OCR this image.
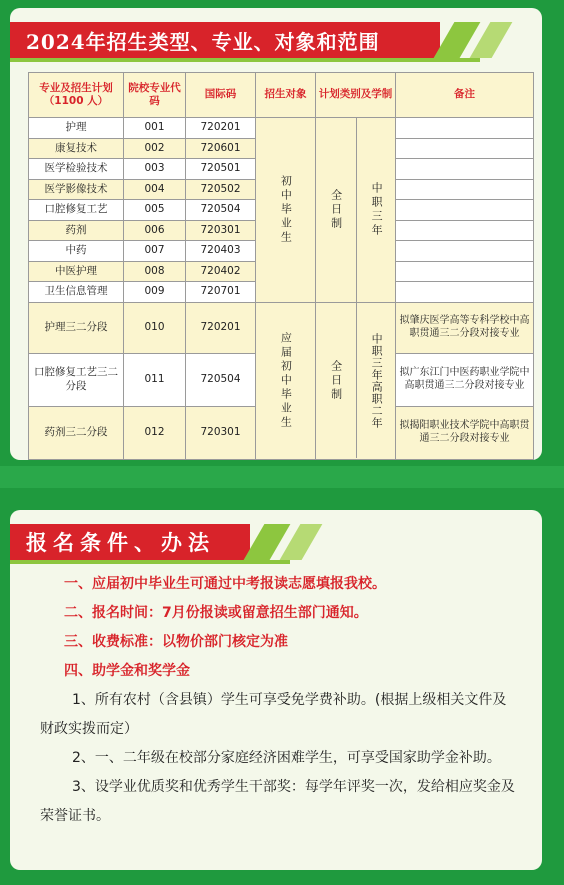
2024年招生类型、专业、对象和范围
专业及招生计划（1100 人）	院校专业代码	国际码	招生对象	计划类别及学制	备注
护理	001	720201	初中毕业生	全日制 中职三年	

康复技术	002	720601			
医学检验技术	003	720501			
医学影像技术	004	720502			
口腔修复工艺	005	720504			
药剂	006	720301			
中药	007	720403			
中医护理	008	720402			
卫生信息管理	009	720701			
护理三二分段	010	720201	应届初中毕业生	全日制 中职三年高职二年	拟肇庆医学高等专科学校中高职贯通三二分段对接专业
口腔修复工艺三二分段	011	720504			拟广东江门中医药职业学院中高职贯通三二分段对接专业
药剂三二分段	012	720301			拟揭阳职业技术学院中高职贯通三二分段对接专业
报名条件、办法
一、应届初中毕业生可通过中考报读志愿填报我校。
二、报名时间：7月份报读或留意招生部门通知。
三、收费标准：以物价部门核定为准
四、助学金和奖学金
1、所有农村（含县镇）学生可享受免学费补助。(根据上级相关文件及财政实拨而定）
2、一、二年级在校部分家庭经济困难学生，可享受国家助学金补助。
3、设学业优质奖和优秀学生干部奖：每学年评奖一次，发给相应奖金及荣誉证书。
